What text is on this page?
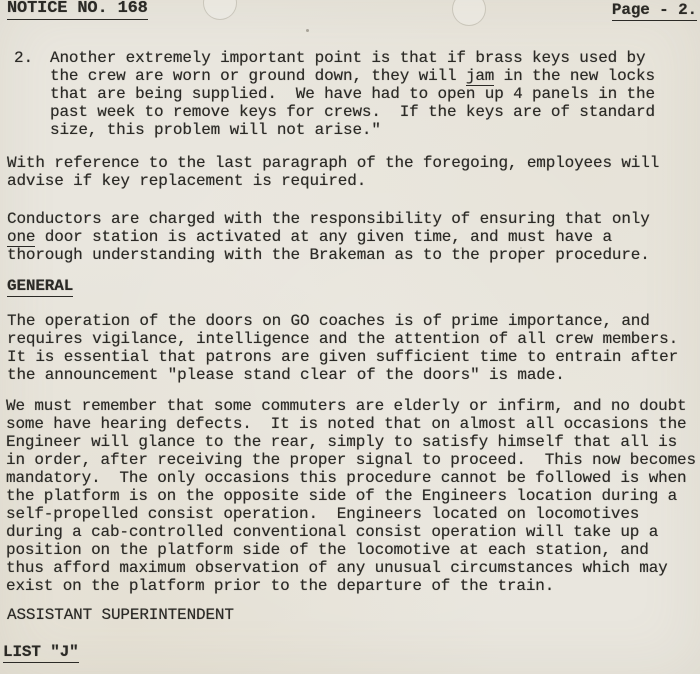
NOTICE NO. 168	Page - 2.
2. Another extremely important point is that if brass keys used by
the crew are worn or ground down, they will jam in the new locks
that are being supplied.  We have had to open up 4 panels in the
past week to remove keys for crews.  If the keys are of standard
size, this problem will not arise."
With reference to the last paragraph of the foregoing, employees will
advise if key replacement is required.
Conductors are charged with the responsibility of ensuring that only
one door station is activated at any given time, and must have a
thorough understanding with the Brakeman as to the proper procedure.
GENERAL
The operation of the doors on GO coaches is of prime importance, and
requires vigilance, intelligence and the attention of all crew members.
It is essential that patrons are given sufficient time to entrain after
the announcement "please stand clear of the doors" is made.
We must remember that some commuters are elderly or infirm, and no doubt
some have hearing defects.  It is noted that on almost all occasions the
Engineer will glance to the rear, simply to satisfy himself that all is
in order, after receiving the proper signal to proceed.  This now becomes
mandatory.  The only occasions this procedure cannot be followed is when
the platform is on the opposite side of the Engineers location during a
self-propelled consist operation.  Engineers located on locomotives
during a cab-controlled conventional consist operation will take up a
position on the platform side of the locomotive at each station, and
thus afford maximum observation of any unusual circumstances which may
exist on the platform prior to the departure of the train.
ASSISTANT SUPERINTENDENT
LIST "J"
